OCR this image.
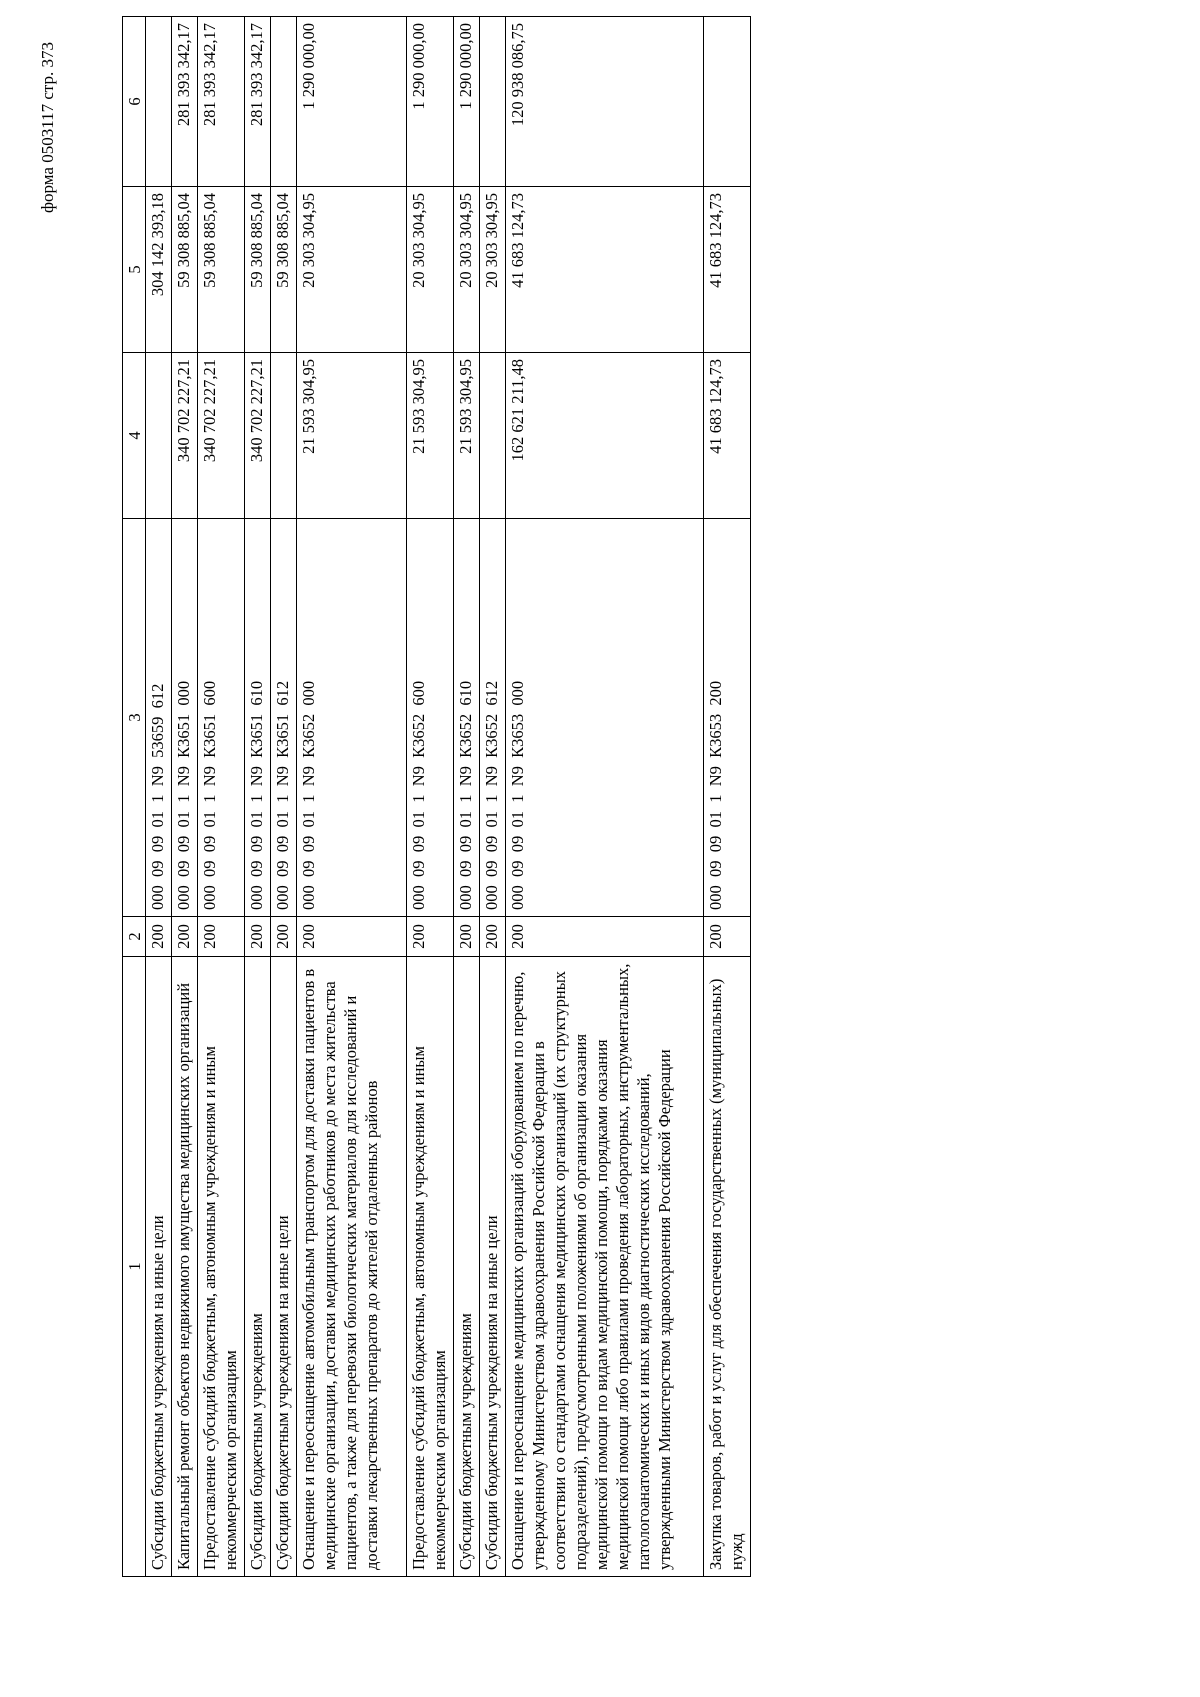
форма 0503117 стр. 373
1	2	3	4	5	6
Субсидии бюджетным учреждениям на иные цели	200	000  09  09  01  1  N9  53659  612		304 142 393,18	
Капитальный ремонт объектов недвижимого имущества медицинских организаций	200	000  09  09  01  1  N9  К3651  000	340 702 227,21	59 308 885,04	281 393 342,17
Предоставление субсидий бюджетным, автономным учреждениям и иным некоммерческим организациям	200	000  09  09  01  1  N9  К3651  600	340 702 227,21	59 308 885,04	281 393 342,17
Субсидии бюджетным учреждениям	200	000  09  09  01  1  N9  К3651  610	340 702 227,21	59 308 885,04	281 393 342,17
Субсидии бюджетным учреждениям на иные цели	200	000  09  09  01  1  N9  К3651  612		59 308 885,04	
Оснащение и переоснащение автомобильным транспортом для доставки пациентов в медицинские организации, доставки медицинских работников до места жительства пациентов, а также для перевозки биологических материалов для исследований и доставки лекарственных препаратов до жителей отдаленных районов	200	000  09  09  01  1  N9  К3652  000	21 593 304,95	20 303 304,95	1 290 000,00
Предоставление субсидий бюджетным, автономным учреждениям и иным некоммерческим организациям	200	000  09  09  01  1  N9  К3652  600	21 593 304,95	20 303 304,95	1 290 000,00
Субсидии бюджетным учреждениям	200	000  09  09  01  1  N9  К3652  610	21 593 304,95	20 303 304,95	1 290 000,00
Субсидии бюджетным учреждениям на иные цели	200	000  09  09  01  1  N9  К3652  612		20 303 304,95	
Оснащение и переоснащение медицинских организаций оборудованием по перечню, утвержденному Министерством здравоохранения Российской Федерации в соответствии со стандартами оснащения медицинских организаций (их структурных подразделений), предусмотренными положениями об организации оказания медицинской помощи по видам медицинской помощи, порядками оказания медицинской помощи либо правилами проведения лабораторных, инструментальных, патологоанатомических и иных видов диагностических исследований, утвержденными Министерством здравоохранения Российской Федерации	200	000  09  09  01  1  N9  К3653  000	162 621 211,48	41 683 124,73	120 938 086,75
Закупка товаров, работ и услуг для обеспечения государственных (муниципальных) нужд	200	000  09  09  01  1  N9  К3653  200	41 683 124,73	41 683 124,73	
